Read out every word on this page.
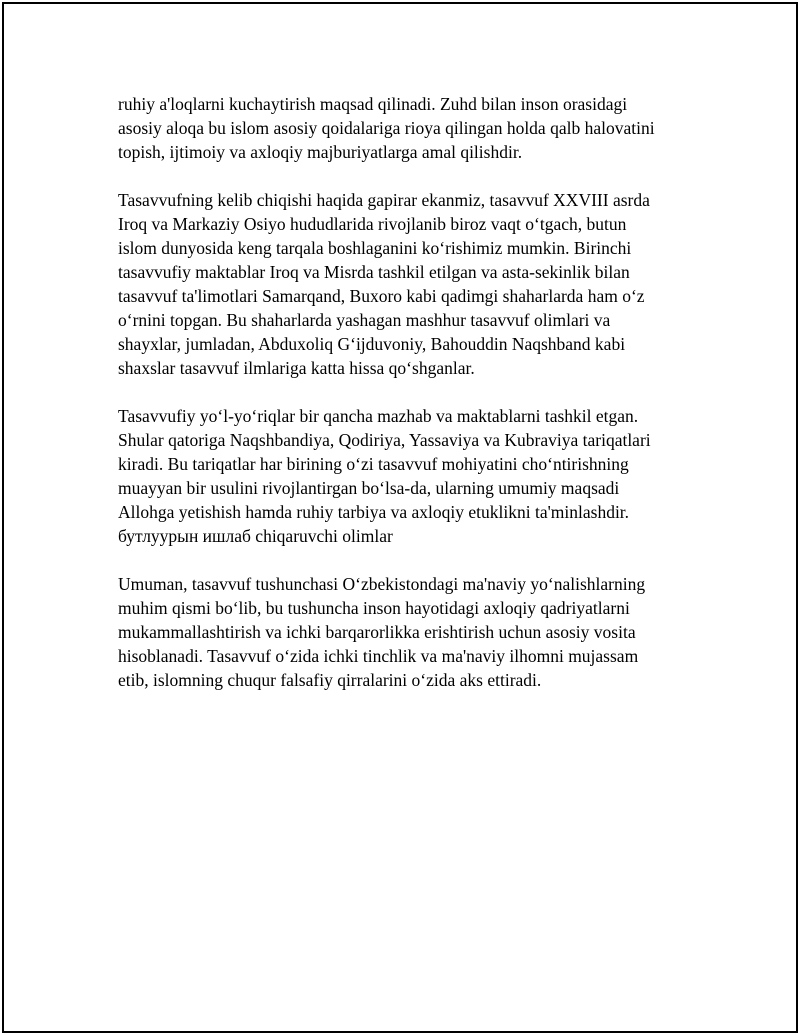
ruhiy a'loqlarni kuchaytirish maqsad qilinadi. Zuhd bilan inson orasidagi
asosiy aloqa bu islom asosiy qoidalariga rioya qilingan holda qalb halovatini
topish, ijtimoiy va axloqiy majburiyatlarga amal qilishdir.

Tasavvufning kelib chiqishi haqida gapirar ekanmiz, tasavvuf XXVIII asrda
Iroq va Markaziy Osiyo hududlarida rivojlanib biroz vaqt oʻtgach, butun
islom dunyosida keng tarqala boshlaganini koʻrishimiz mumkin. Birinchi
tasavvufiy maktablar Iroq va Misrda tashkil etilgan va asta-sekinlik bilan
tasavvuf ta'limotlari Samarqand, Buxoro kabi qadimgi shaharlarda ham oʻz
oʻrnini topgan. Bu shaharlarda yashagan mashhur tasavvuf olimlari va
shayxlar, jumladan, Abduxoliq Gʻijduvoniy, Bahouddin Naqshband kabi
shaxslar tasavvuf ilmlariga katta hissa qoʻshganlar.

Tasavvufiy yoʻl-yoʻriqlar bir qancha mazhab va maktablarni tashkil etgan.
Shular qatoriga Naqshbandiya, Qodiriya, Yassaviya va Kubraviya tariqatlari
kiradi. Bu tariqatlar har birining oʻzi tasavvuf mohiyatini choʻntirishning
muayyan bir usulini rivojlantirgan boʻlsa-da, ularning umumiy maqsadi
Allohga yetishish hamda ruhiy tarbiya va axloqiy etuklikni ta'minlashdir.
бутлуурын ишлаб chiqaruvchi olimlar

Umuman, tasavvuf tushunchasi Oʻzbekistondagi ma'naviy yoʻnalishlarning
muhim qismi boʻlib, bu tushuncha inson hayotidagi axloqiy qadriyatlarni
mukammallashtirish va ichki barqarorlikka erishtirish uchun asosiy vosita
hisoblanadi. Tasavvuf oʻzida ichki tinchlik va ma'naviy ilhomni mujassam
etib, islomning chuqur falsafiy qirralarini oʻzida aks ettiradi.
